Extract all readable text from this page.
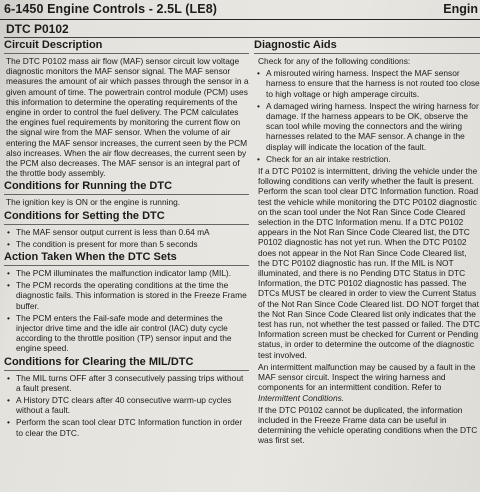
6-1450 Engine Controls - 2.5L (LE8)	Engin
DTC P0102
Circuit Description

The DTC P0102 mass air flow (MAF) sensor circuit low voltage diagnostic monitors the MAF sensor signal. The MAF sensor measures the amount of air which passes through the sensor in a given amount of time. The powertrain control module (PCM) uses this information to determine the operating requirements of the engine in order to control the fuel delivery. The PCM calculates the engines fuel requirements by monitoring the current flow on the signal wire from the MAF sensor. When the volume of air entering the MAF sensor increases, the current seen by the PCM also increases. When the air flow decreases, the current seen by the PCM also decreases. The MAF sensor is an integral part of the throttle body assembly.

Conditions for Running the DTC

The ignition key is ON or the engine is running.

Conditions for Setting the DTC
• The MAF sensor output current is less than 0.64 mA
• The condition is present for more than 5 seconds
Action Taken When the DTC Sets
• The PCM illuminates the malfunction indicator lamp (MIL).
• The PCM records the operating conditions at the time the diagnostic fails. This information is stored in the Freeze Frame buffer.
• The PCM enters the Fail-safe mode and determines the injector drive time and the idle air control (IAC) duty cycle according to the throttle position (TP) sensor input and the engine speed.
Conditions for Clearing the MIL/DTC
• The MIL turns OFF after 3 consecutively passing trips without a fault present.
• A History DTC clears after 40 consecutive warm-up cycles without a fault.
• Perform the scan tool clear DTC Information function in order to clear the DTC.
Diagnostic Aids

Check for any of the following conditions:

• A misrouted wiring harness. Inspect the MAF sensor harness to ensure that the harness is not routed too close to high voltage or high amperage circuits.
• A damaged wiring harness. Inspect the wiring harness for damage. If the harness appears to be OK, observe the scan tool while moving the connectors and the wiring harnesses related to the MAF sensor. A change in the display will indicate the location of the fault.
• Check for an air intake restriction.

If a DTC P0102 is intermittent, driving the vehicle under the following conditions can verify whether the fault is present. Perform the scan tool clear DTC Information function. Road test the vehicle while monitoring the DTC P0102 diagnostic on the scan tool under the Not Ran Since Code Cleared selection in the DTC Information menu. If a DTC P0102 appears in the Not Ran Since Code Cleared list, the DTC P0102 diagnostic has not yet run. When the DTC P0102 does not appear in the Not Ran Since Code Cleared list, the DTC P0102 diagnostic has run. If the MIL is NOT illuminated, and there is no Pending DTC Status in DTC Information, the DTC P0102 diagnostic has passed. The DTCs MUST be cleared in order to view the Current Status of the Not Ran Since Code Cleared list. DO NOT forget that the Not Ran Since Code Cleared list only indicates that the test has run, not whether the test passed or failed. The DTC Information screen must be checked for Current or Pending status, in order to determine the outcome of the diagnostic test involved.

An intermittent malfunction may be caused by a fault in the MAF sensor circuit. Inspect the wiring harness and components for an intermittent condition. Refer to Intermittent Conditions.

If the DTC P0102 cannot be duplicated, the information included in the Freeze Frame data can be useful in determining the vehicle operating conditions when the DTC was first set.
